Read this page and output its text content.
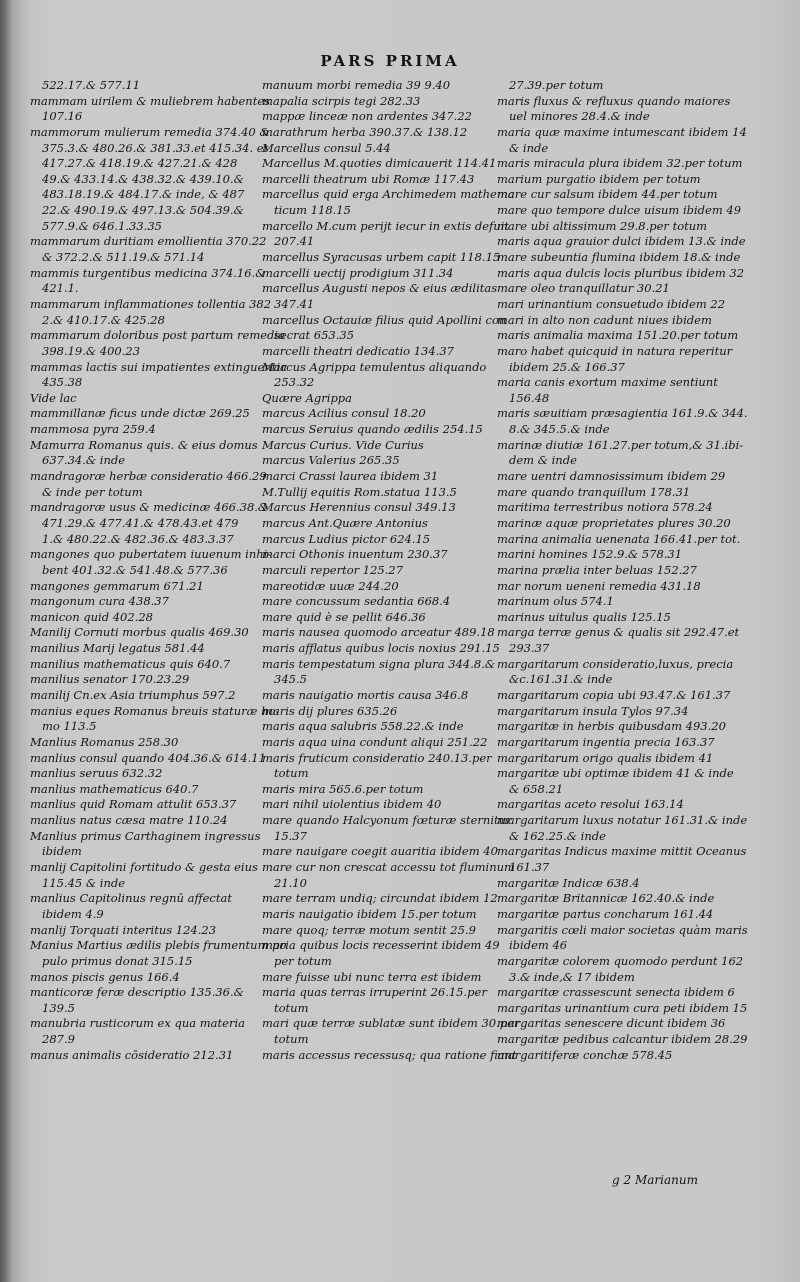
PARS PRIMA
522.17.& 577.11
mammam uirilem & muliebrem habentes
107.16
mammorum mulierum remedia 374.40 &
375.3.& 480.26.& 381.33.et 415.34. et
417.27.& 418.19.& 427.21.& 428
49.& 433.14.& 438.32.& 439.10.&
483.18.19.& 484.17.& inde, & 487
22.& 490.19.& 497.13.& 504.39.&
577.9.& 646.1.33.35
mammarum duritiam emollientia 370.22
& 372.2.& 511.19.& 571.14
mammis turgentibus medicina 374.16.&
421.1.
mammarum inflammationes tollentia 382
2.& 410.17.& 425.28
mammarum doloribus post partum remedia
398.19.& 400.23
mammas lactis sui impatientes extinguentia
435.38
Vide lac
mammillanæ ficus unde dictæ 269.25
mammosa pyra 259.4
Mamurra Romanus quis. & eius domus
637.34.& inde
mandragoræ herbæ consideratio 466.29
& inde per totum
mandragoræ usus & medicinæ 466.38.&
471.29.& 477.41.& 478.43.et 479
1.& 480.22.& 482.36.& 483.3.37
mangones quo pubertatem iuuenum inhi-
bent 401.32.& 541.48.& 577.36
mangones gemmarum 671.21
mangonum cura 438.37
manicon quid 402.28
Manilij Cornuti morbus qualis 469.30
manilius Marij legatus 581.44
manilius mathematicus quis 640.7
manilius senator 170.23.29
manilij Cn.ex Asia triumphus 597.2
manius eques Romanus breuis staturæ ho-
mo 113.5
Manlius Romanus 258.30
manlius consul quando 404.36.& 614.11
manlius seruus 632.32
manlius mathematicus 640.7
manlius quid Romam attulit 653.37
manlius natus cæsa matre 110.24
Manlius primus Carthaginem ingressus
ibidem
manlij Capitolini fortitudo & gesta eius
115.45 & inde
manlius Capitolinus regnū affectat
ibidem 4.9
manlij Torquati interitus 124.23
Manius Martius ædilis plebis frumentum po
pulo primus donat 315.15
manos piscis genus 166.4
manticoræ feræ descriptio 135.36.&
139.5
manubria rusticorum ex qua materia
287.9
manus animalis cōsideratio 212.31
manuum morbi remedia 39 9.40
mapalia scirpis tegi 282.33
mappæ linceæ non ardentes 347.22
marathrum herba 390.37.& 138.12
Marcellus consul 5.44
Marcellus M.quoties dimicauerit 114.41
marcelli theatrum ubi Romæ 117.43
marcellus quid erga Archimedem mathema
ticum 118.15
marcello M.cum perijt iecur in extis defuit
207.41
marcellus Syracusas urbem capit 118.15
marcelli uectij prodigium 311.34
marcellus Augusti nepos & eius ædilitas
347.41
marcellus Octauiæ filius quid Apollini con
secrat 653.35
marcelli theatri dedicatio 134.37
Marcus Agrippa temulentus aliquando
253.32
Quære Agrippa
marcus Acilius consul 18.20
marcus Seruius quando ædilis 254.15
Marcus Curius. Vide Curius
marcus Valerius 265.35
marci Crassi laurea ibidem 31
M.Tullij equitis Rom.statua 113.5
Marcus Herennius consul 349.13
marcus Ant.Quære Antonius
marcus Ludius pictor 624.15
marci Othonis inuentum 230.37
marculi repertor 125.27
mareotidæ uuæ 244.20
mare concussum sedantia 668.4
mare quid è se pellit 646.36
maris nausea quomodo arceatur 489.18
maris afflatus quibus locis noxius 291.15
maris tempestatum signa plura 344.8.&
345.5
maris nauigatio mortis causa 346.8
maris dij plures 635.26
maris aqua salubris 558.22.& inde
maris aqua uina condunt aliqui 251.22
maris fruticum consideratio 240.13.per
totum
maris mira 565.6.per totum
mari nihil uiolentius ibidem 40
mare quando Halcyonum fœturæ sternitur
15.37
mare nauigare coegit auaritia ibidem 40
mare cur non crescat accessu tot fluminum
21.10
mare terram undiq; circundat ibidem 12
maris nauigatio ibidem 15.per totum
mare quoq; terræ motum sentit 25.9
maria quibus locis recesserint ibidem 49
per totum
mare fuisse ubi nunc terra est ibidem
maria quas terras irruperint 26.15.per
totum
mari quæ terræ sublatæ sunt ibidem 30.per
totum
maris accessus recessusq; qua ratione fiant
27.39.per totum
maris fluxus & refluxus quando maiores
uel minores 28.4.& inde
maria quæ maxime intumescant ibidem 14
& inde
maris miracula plura ibidem 32.per totum
marium purgatio ibidem per totum
mare cur salsum ibidem 44.per totum
mare quo tempore dulce uisum ibidem 49
mare ubi altissimum 29.8.per totum
maris aqua grauior dulci ibidem 13.& inde
mare subeuntia flumina ibidem 18.& inde
maris aqua dulcis locis pluribus ibidem 32
mare oleo tranquillatur 30.21
mari urinantium consuetudo ibidem 22
mari in alto non cadunt niues ibidem
maris animalia maxima 151.20.per totum
maro habet quicquid in natura reperitur
ibidem 25.& 166.37
maria canis exortum maxime sentiunt
156.48
maris sæuitiam præsagientia 161.9.& 344.
8.& 345.5.& inde
marinæ diutiæ 161.27.per totum,& 31.ibi-
dem & inde
mare uentri damnosissimum ibidem 29
mare quando tranquillum 178.31
maritima terrestribus notiora 578.24
marinæ aquæ proprietates plures 30.20
marina animalia uenenata 166.41.per tot.
marini homines 152.9.& 578.31
marina prælia inter beluas 152.27
mar norum ueneni remedia 431.18
marinum olus 574.1
marinus uitulus qualis 125.15
marga terræ genus & qualis sit 292.47.et
293.37
margaritarum consideratio,luxus, precia
&c.161.31.& inde
margaritarum copia ubi 93.47.& 161.37
margaritarum insula Tylos 97.34
margaritæ in herbis quibusdam 493.20
margaritarum ingentia precia 163.37
margaritarum origo qualis ibidem 41
margaritæ ubi optimæ ibidem 41 & inde
& 658.21
margaritas aceto resolui 163.14
margaritarum luxus notatur 161.31.& inde
& 162.25.& inde
margaritas Indicus maxime mittit Oceanus
161.37
margaritæ Indicæ 638.4
margaritæ Britannicæ 162.40.& inde
margaritæ partus concharum 161.44
margaritis cœli maior societas quàm maris
ibidem 46
margaritæ colorem quomodo perdunt 162
3.& inde,& 17 ibidem
margaritæ crassescunt senecta ibidem 6
margaritas urinantium cura peti ibidem 15
margaritas senescere dicunt ibidem 36
margaritæ pedibus calcantur ibidem 28.29
margaritiferæ conchæ 578.45
g 2 Marianum
